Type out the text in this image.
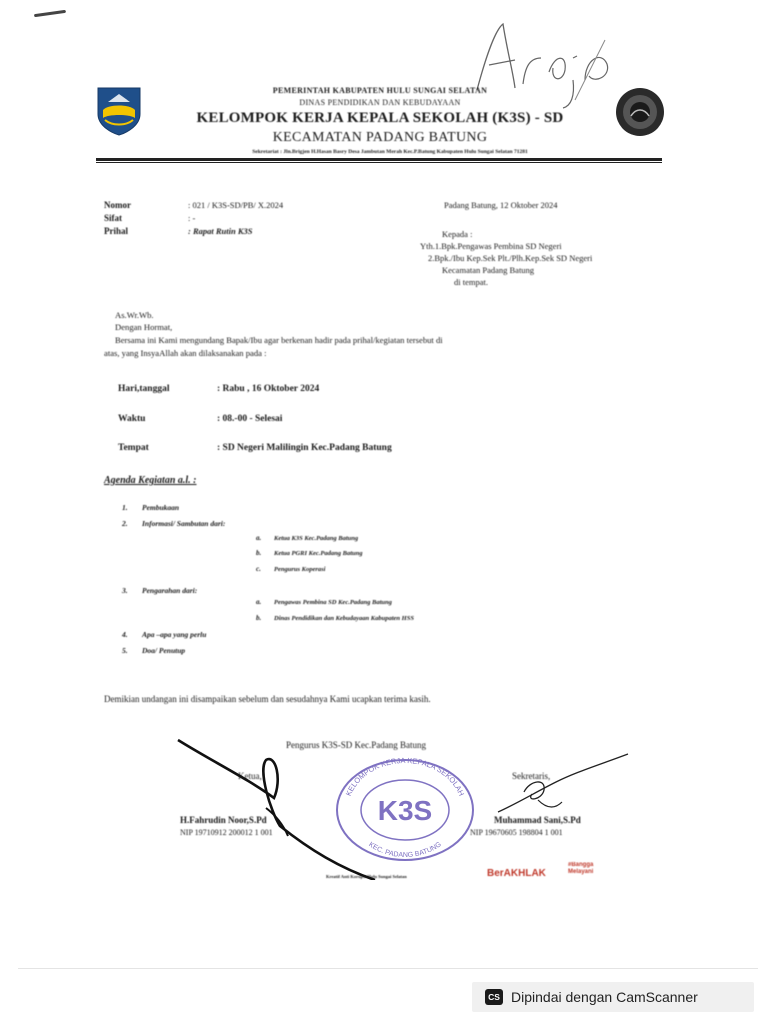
PEMERINTAH KABUPATEN HULU SUNGAI SELATAN
DINAS PENDIDIKAN DAN KEBUDAYAAN
KELOMPOK KERJA KEPALA SEKOLAH (K3S) - SD
KECAMATAN PADANG BATUNG
Sekretariat : Jln.Brigjen H.Hasan Basry Desa Jambutan Merah Kec.P.Batung Kabupaten Hulu Sungai Selatan 71281
Nomor	: 021 / K3S-SD/PB/ X.2024
Sifat	: -
Prihal	: Rapat Rutin K3S
Padang Batung, 12 Oktober 2024
Kepada :
Yth.1.Bpk.Pengawas Pembina SD Negeri
2.Bpk./Ibu Kep.Sek Plt./Plh.Kep.Sek SD Negeri
Kecamatan Padang Batung
di tempat.
As.Wr.Wb.
Dengan Hormat,
Bersama ini Kami mengundang Bapak/Ibu agar berkenan hadir pada prihal/kegiatan tersebut di
atas, yang InsyaAllah akan dilaksanakan pada :
Hari,tanggal	: Rabu , 16 Oktober 2024
Waktu	: 08.-00 - Selesai
Tempat	: SD Negeri Malilingin Kec.Padang Batung
Agenda Kegiatan a.l. :
1. Pembukaan
2. Informasi/ Sambutan dari:
a. Ketua K3S Kec.Padang Batung
b. Ketua PGRI Kec.Padang Batung
c. Pengurus Koperasi
3. Pengarahan dari:
a. Pengawas Pembina SD Kec.Padang Batung
b. Dinas Pendidikan dan Kebudayaan Kabupaten HSS
4. Apa –apa yang perlu
5. Doa/ Penutup
Demikian undangan ini disampaikan sebelum dan sesudahnya Kami ucapkan terima kasih.
Pengurus K3S-SD Kec.Padang Batung
Ketua,	Sekretaris,
KELOMPOK KERJA KEPALA SEKOLAH
KEC. PADANG BATUNG
K3S
H.Fahrudin Noor,S.Pd
NIP 19710912 200012 1 001
Muhammad Sani,S.Pd
NIP 19670605 198804 1 001
Kreatif Anti Korupsi Hulu Sungai Selatan	BerAKHLAK
#Bangga
Melayani
CS Dipindai dengan CamScanner
